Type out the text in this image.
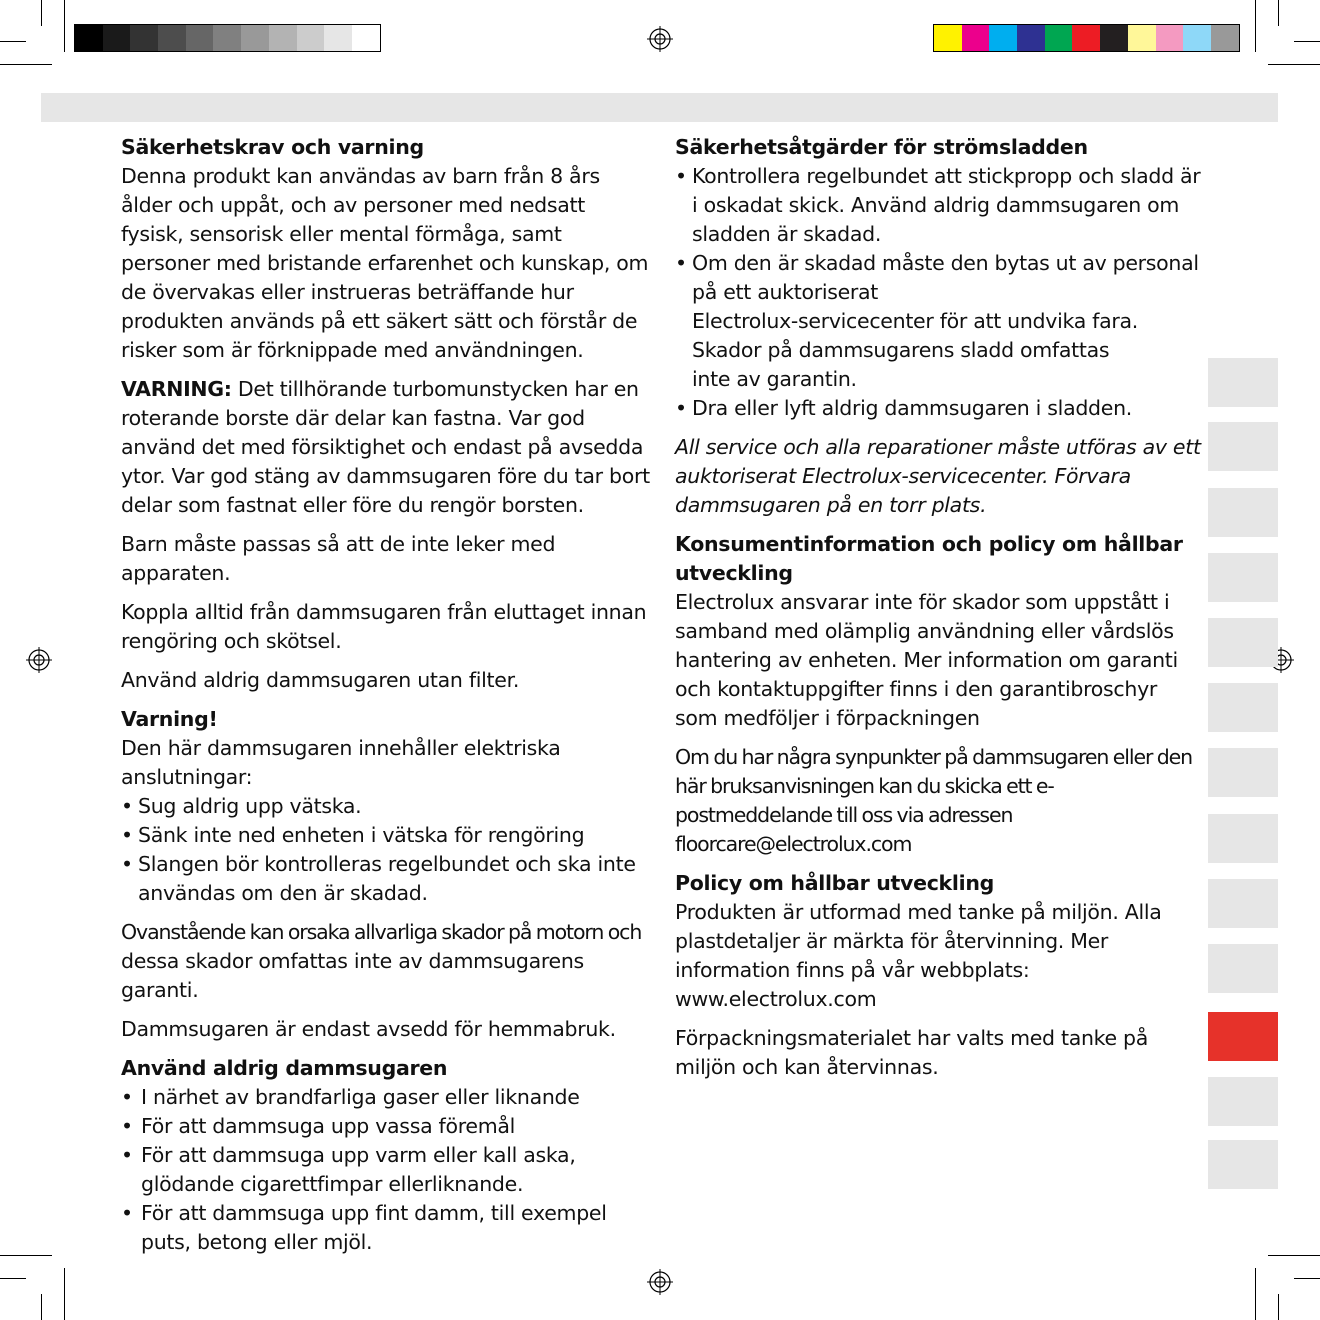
Säkerhetskrav och varning
Denna produkt kan användas av barn från 8 års ålder och uppåt, och av personer med nedsatt fysisk, sensorisk eller mental förmåga, samt personer med bristande erfarenhet och kunskap, om de övervakas eller instrueras beträffande hur produkten används på ett säkert sätt och förstår de risker som är förknippade med användningen.

VARNING: Det tillhörande turbomunstycken har en roterande borste där delar kan fastna. Var god använd det med försiktighet och endast på avsedda ytor. Var god stäng av dammsugaren före du tar bort delar som fastnat eller före du rengör borsten.

Barn måste passas så att de inte leker med apparaten.

Koppla alltid från dammsugaren från eluttaget innan rengöring och skötsel.

Använd aldrig dammsugaren utan filter.

Varning!
Den här dammsugaren innehåller elektriska anslutningar:

• Sug aldrig upp vätska.
• Sänk inte ned enheten i vätska för rengöring
• Slangen bör kontrolleras regelbundet och ska inte användas om den är skadad.

Ovanstående kan orsaka allvarliga skador på motorn och
dessa skador omfattas inte av dammsugarens garanti.

Dammsugaren är endast avsedd för hemmabruk.

Använd aldrig dammsugaren

• I närhet av brandfarliga gaser eller liknande
• För att dammsuga upp vassa föremål
• För att dammsuga upp varm eller kall aska, glödande cigarettfimpar ellerliknande.
• För att dammsuga upp fint damm, till exempel puts, betong eller mjöl.

Säkerhetsåtgärder för strömsladden

• Kontrollera regelbundet att stickpropp och sladd är i oskadat skick. Använd aldrig dammsugaren om sladden är skadad.
• Om den är skadad måste den bytas ut av personal på ett auktoriserat
Electrolux-servicecenter för att undvika fara.
Skador på dammsugarens sladd omfattas
inte av garantin.
• Dra eller lyft aldrig dammsugaren i sladden.

All service och alla reparationer måste utföras av ett auktoriserat Electrolux-servicecenter. Förvara dammsugaren på en torr plats.

Konsumentinformation och policy om hållbar utveckling
Electrolux ansvarar inte för skador som uppstått i samband med olämplig användning eller vårdslös hantering av enheten. Mer information om garanti och kontaktuppgifter finns i den garantibroschyr som medföljer i förpackningen

Om du har några synpunkter på dammsugaren eller den här bruksanvisningen kan du skicka ett e-postmeddelande till oss via adressen floorcare@electrolux.com

Policy om hållbar utveckling
Produkten är utformad med tanke på miljön. Alla plastdetaljer är märkta för återvinning. Mer information finns på vår webbplats: www.electrolux.com

Förpackningsmaterialet har valts med tanke på miljön och kan återvinnas.
